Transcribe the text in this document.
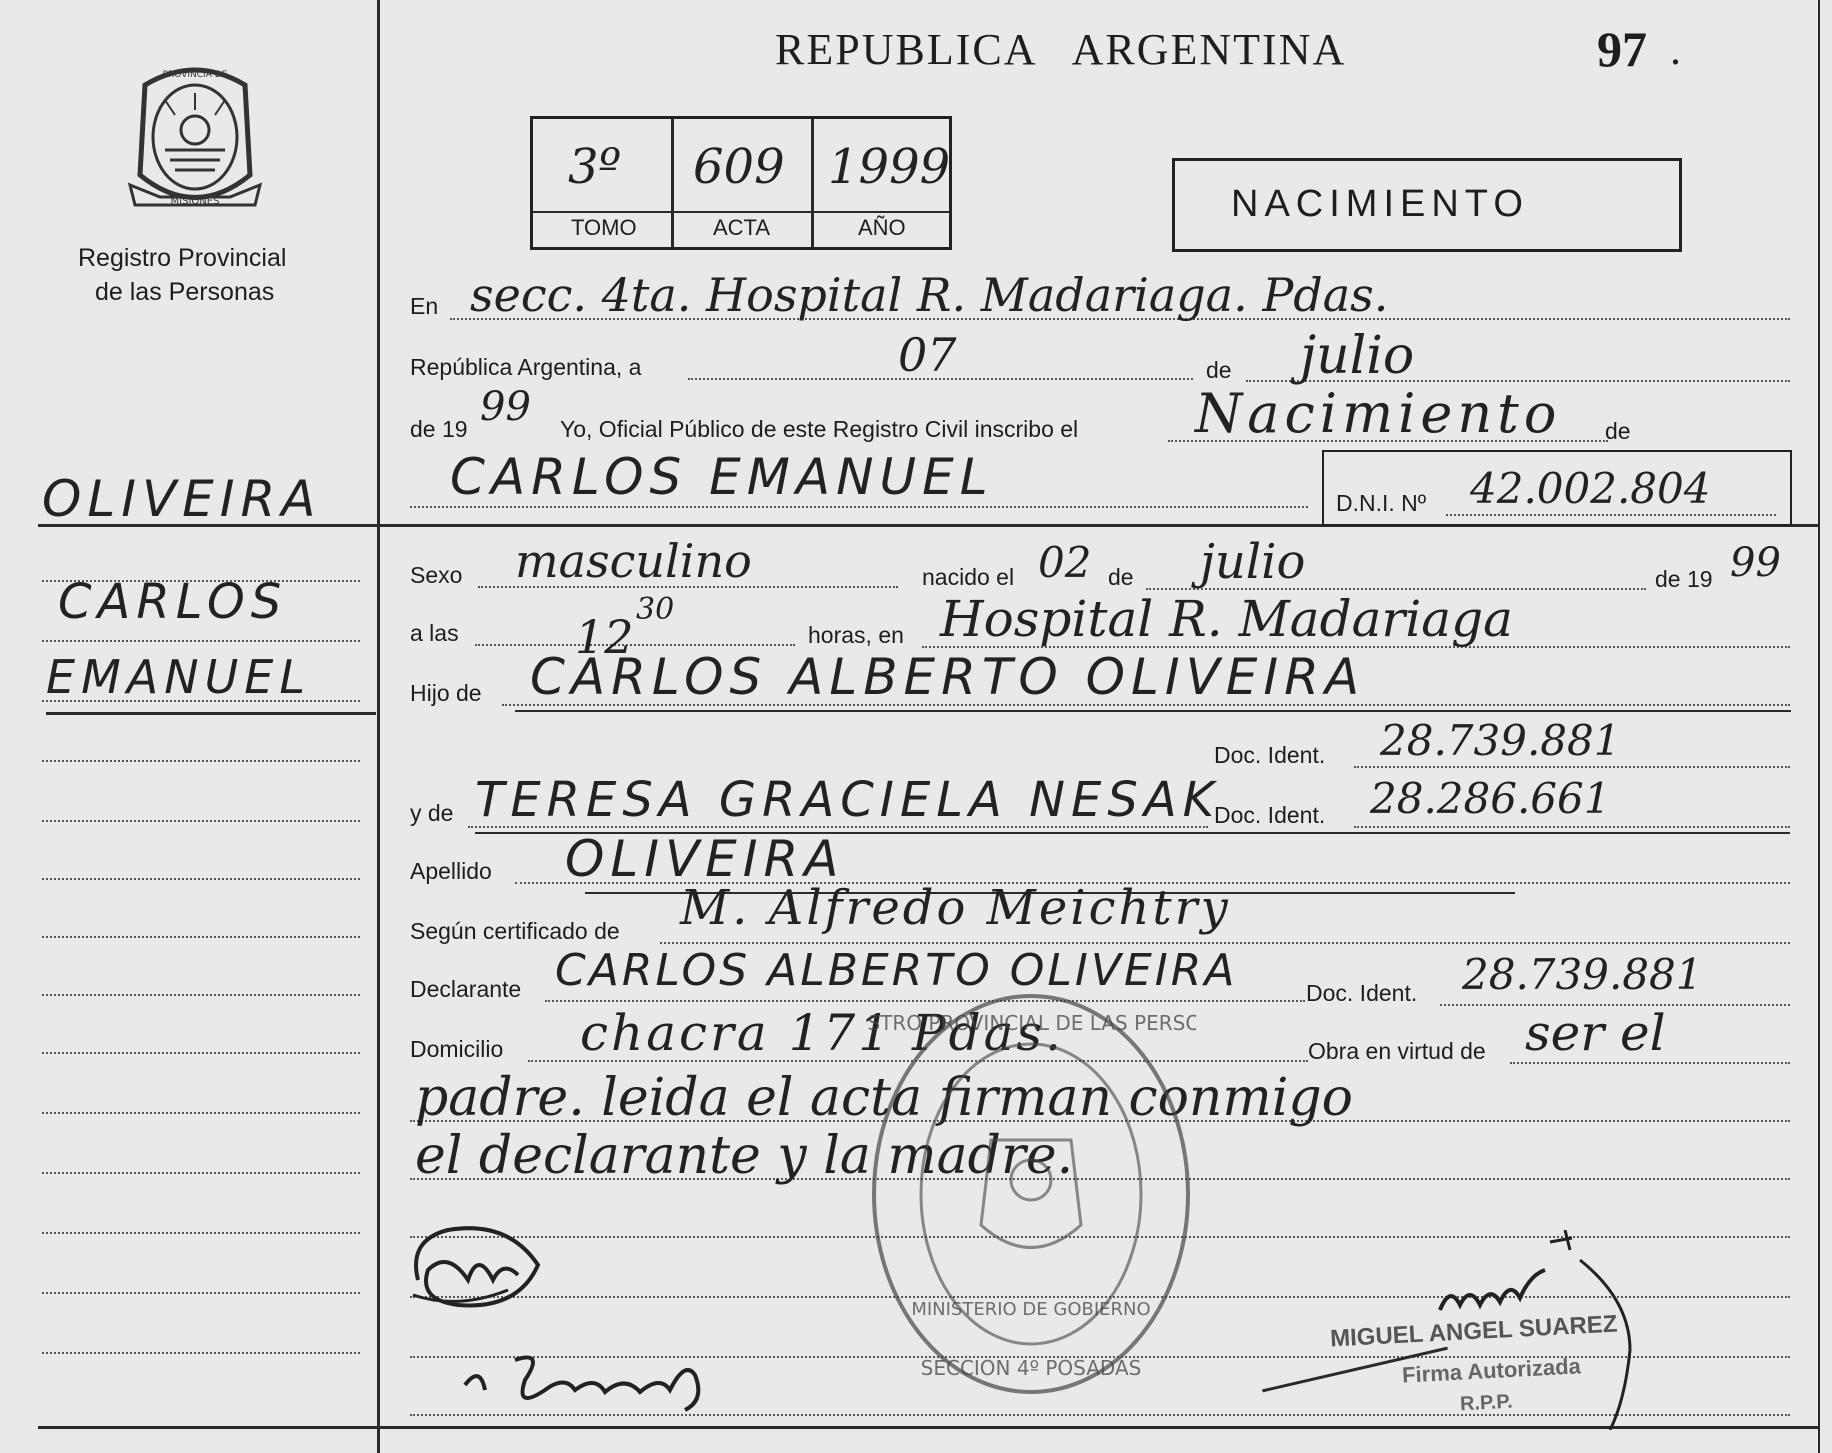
PROVINCIA DE
MISIONES
Registro Provincial
de las Personas
REPUBLICA   ARGENTINA	97 .
3º 609 1999
TOMO	ACTA	AÑO
NACIMIENTO
OLIVEIRA
CARLOS
EMANUEL
En secc. 4ta. Hospital R. Madariaga. Pdas.
República Argentina, a	07	de julio
de 19 99 Yo, Oficial Público de este Registro Civil inscribo el Nacimiento de
CARLOS EMANUEL	D.N.I. Nº 42.002.804
Sexo masculino	nacido el 02 de julio	de 19 99
a las	12
30
horas, en Hospital R. Madariaga
Hijo de CARLOS ALBERTO OLIVEIRA
Doc. Ident. 28.739.881
y de TERESA GRACIELA NESAK
Doc. Ident. 28.286.661
Apellido OLIVEIRA
Según certificado de M. Alfredo Meichtry
Declarante CARLOS ALBERTO OLIVEIRA	Doc. Ident. 28.739.881
Domicilio chacra 171 Pdas.	Obra en virtud de ser el
padre. leida el acta firman conmigo
el declarante y la madre.
STRO PROVINCIAL DE LAS PERSO
MINISTERIO DE GOBIERNO
SECCION 4º POSADAS
MIGUEL ANGEL SUAREZ
Firma Autorizada
R.P.P.
